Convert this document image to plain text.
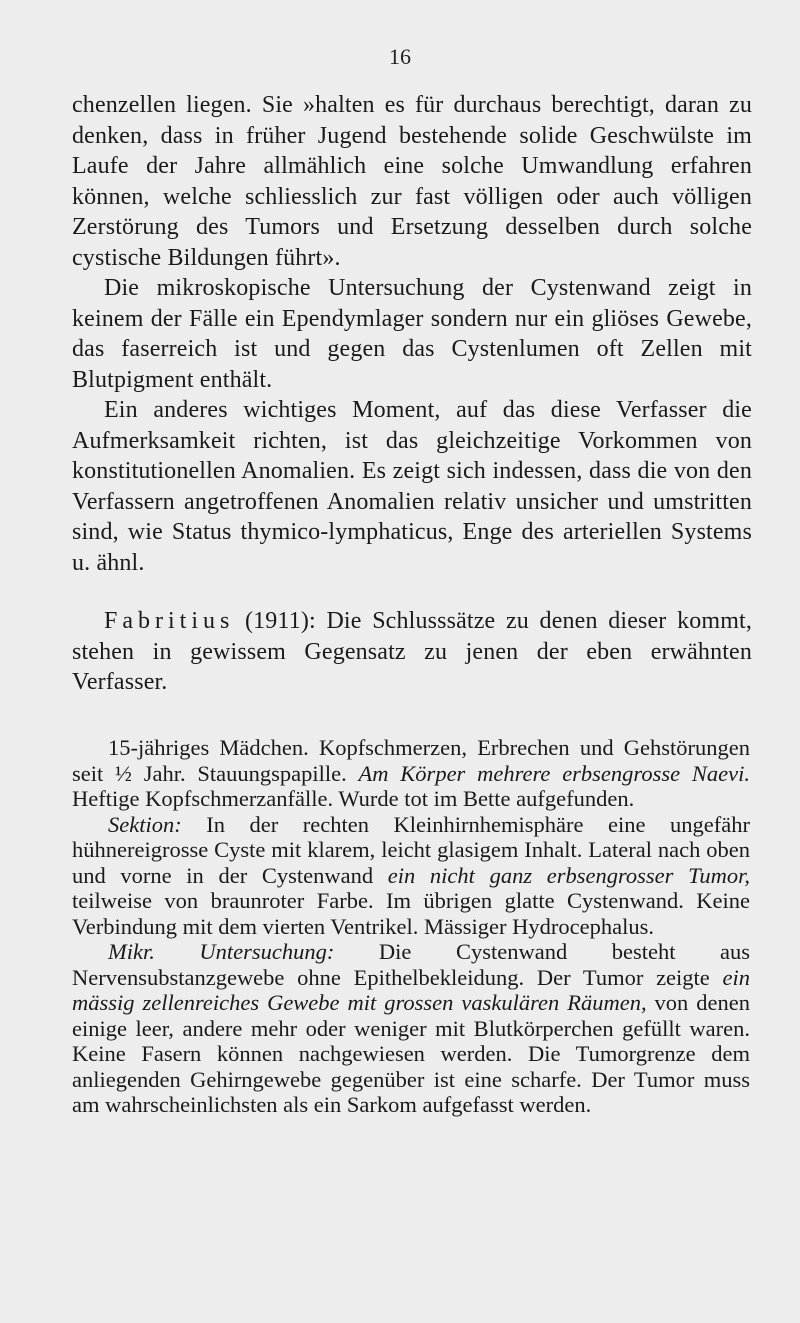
16

chenzellen liegen. Sie »halten es für durchaus berechtigt, daran zu denken, dass in früher Jugend bestehende solide Geschwülste im Laufe der Jahre allmählich eine solche Umwandlung erfahren können, welche schliesslich zur fast völligen oder auch völligen Zerstörung des Tumors und Ersetzung desselben durch solche cystische Bildungen führt».

Die mikroskopische Untersuchung der Cystenwand zeigt in keinem der Fälle ein Ependymlager sondern nur ein gliöses Gewebe, das faserreich ist und gegen das Cystenlumen oft Zellen mit Blutpigment enthält.

Ein anderes wichtiges Moment, auf das diese Verfasser die Aufmerksamkeit richten, ist das gleichzeitige Vorkommen von konstitutionellen Anomalien. Es zeigt sich indessen, dass die von den Verfassern angetroffenen Anomalien relativ unsicher und umstritten sind, wie Status thymico-lymphaticus, Enge des arteriellen Systems u. ähnl.

Fabritius (1911): Die Schlusssätze zu denen dieser kommt, stehen in gewissem Gegensatz zu jenen der eben erwähnten Verfasser.

15-jähriges Mädchen. Kopfschmerzen, Erbrechen und Gehstörungen seit ½ Jahr. Stauungspapille. Am Körper mehrere erbsengrosse Naevi. Heftige Kopfschmerzanfälle. Wurde tot im Bette aufgefunden.

Sektion: In der rechten Kleinhirnhemisphäre eine ungefähr hühnereigrosse Cyste mit klarem, leicht glasigem Inhalt. Lateral nach oben und vorne in der Cystenwand ein nicht ganz erbsengrosser Tumor, teilweise von braunroter Farbe. Im übrigen glatte Cystenwand. Keine Verbindung mit dem vierten Ventrikel. Mässiger Hydrocephalus.

Mikr. Untersuchung: Die Cystenwand besteht aus Nervensubstanzgewebe ohne Epithelbekleidung. Der Tumor zeigte ein mässig zellenreiches Gewebe mit grossen vaskulären Räumen, von denen einige leer, andere mehr oder weniger mit Blutkörperchen gefüllt waren. Keine Fasern können nachgewiesen werden. Die Tumorgrenze dem anliegenden Gehirngewebe gegenüber ist eine scharfe. Der Tumor muss am wahrscheinlichsten als ein Sarkom aufgefasst werden.
